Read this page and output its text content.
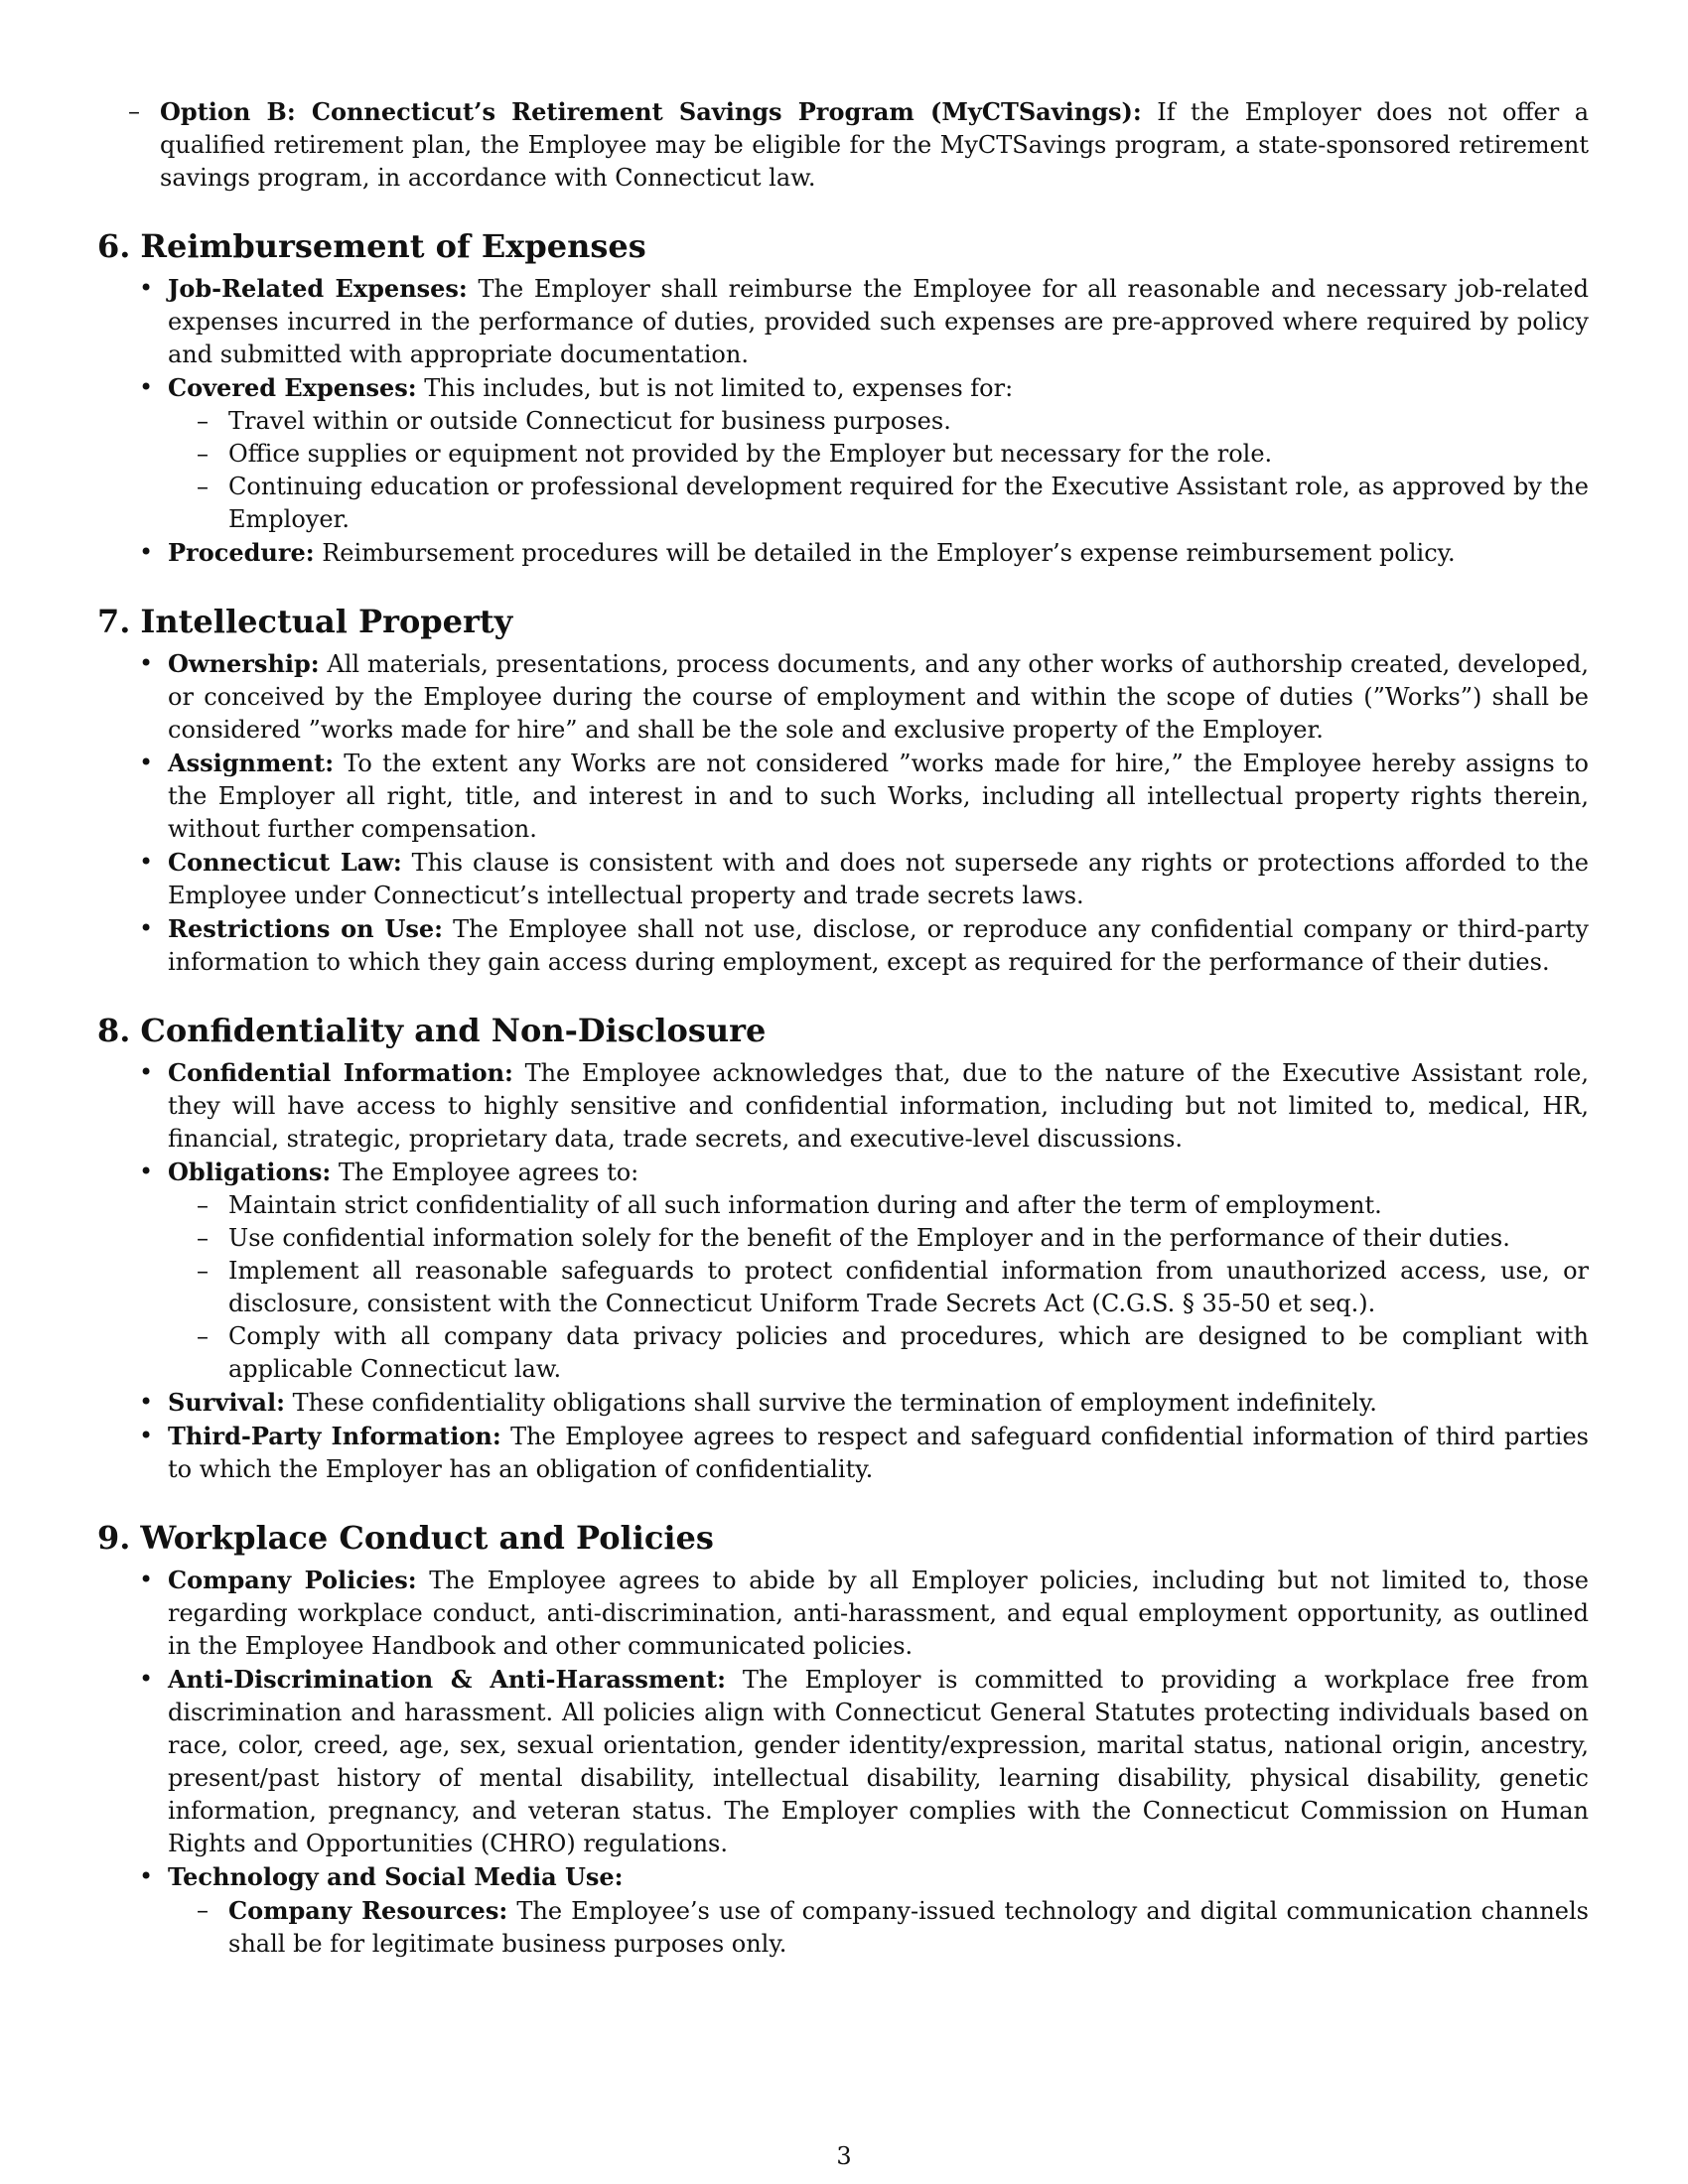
– Option B: Connecticut’s Retirement Savings Program (MyCTSavings): If the Employer does not offer a qualified retirement plan, the Employee may be eligible for the MyCTSavings program, a state-sponsored retirement savings program, in accordance with Connecticut law.
6. Reimbursement of Expenses
• Job-Related Expenses: The Employer shall reimburse the Employee for all reasonable and necessary job-related expenses incurred in the performance of duties, provided such expenses are pre-approved where required by policy and submitted with appropriate documentation.
• Covered Expenses: This includes, but is not limited to, expenses for:
– Travel within or outside Connecticut for business purposes.
– Office supplies or equipment not provided by the Employer but necessary for the role.
– Continuing education or professional development required for the Executive Assistant role, as approved by the Employer.
• Procedure: Reimbursement procedures will be detailed in the Employer’s expense reimbursement policy.
7. Intellectual Property
• Ownership: All materials, presentations, process documents, and any other works of authorship created, developed, or conceived by the Employee during the course of employment and within the scope of duties (”Works”) shall be considered ”works made for hire” and shall be the sole and exclusive property of the Employer.
• Assignment: To the extent any Works are not considered ”works made for hire,” the Employee hereby assigns to the Employer all right, title, and interest in and to such Works, including all intellectual property rights therein, without further compensation.
• Connecticut Law: This clause is consistent with and does not supersede any rights or protections afforded to the Employee under Connecticut’s intellectual property and trade secrets laws.
• Restrictions on Use: The Employee shall not use, disclose, or reproduce any confidential company or third-party information to which they gain access during employment, except as required for the performance of their duties.
8. Confidentiality and Non-Disclosure
• Confidential Information: The Employee acknowledges that, due to the nature of the Executive Assistant role, they will have access to highly sensitive and confidential information, including but not limited to, medical, HR, financial, strategic, proprietary data, trade secrets, and executive-level discussions.
• Obligations: The Employee agrees to:
– Maintain strict confidentiality of all such information during and after the term of employment.
– Use confidential information solely for the benefit of the Employer and in the performance of their duties.
– Implement all reasonable safeguards to protect confidential information from unauthorized access, use, or disclosure, consistent with the Connecticut Uniform Trade Secrets Act (C.G.S. § 35-50 et seq.).
– Comply with all company data privacy policies and procedures, which are designed to be compliant with applicable Connecticut law.
• Survival: These confidentiality obligations shall survive the termination of employment indefinitely.
• Third-Party Information: The Employee agrees to respect and safeguard confidential information of third parties to which the Employer has an obligation of confidentiality.
9. Workplace Conduct and Policies
• Company Policies: The Employee agrees to abide by all Employer policies, including but not limited to, those regarding workplace conduct, anti-discrimination, anti-harassment, and equal employment opportunity, as outlined in the Employee Handbook and other communicated policies.
• Anti-Discrimination & Anti-Harassment: The Employer is committed to providing a workplace free from discrimination and harassment. All policies align with Connecticut General Statutes protecting individuals based on race, color, creed, age, sex, sexual orientation, gender identity/expression, marital status, national origin, ancestry, present/past history of mental disability, intellectual disability, learning disability, physical disability, genetic information, pregnancy, and veteran status. The Employer complies with the Connecticut Commission on Human Rights and Opportunities (CHRO) regulations.
• Technology and Social Media Use:
– Company Resources: The Employee’s use of company-issued technology and digital communication channels shall be for legitimate business purposes only.
3
